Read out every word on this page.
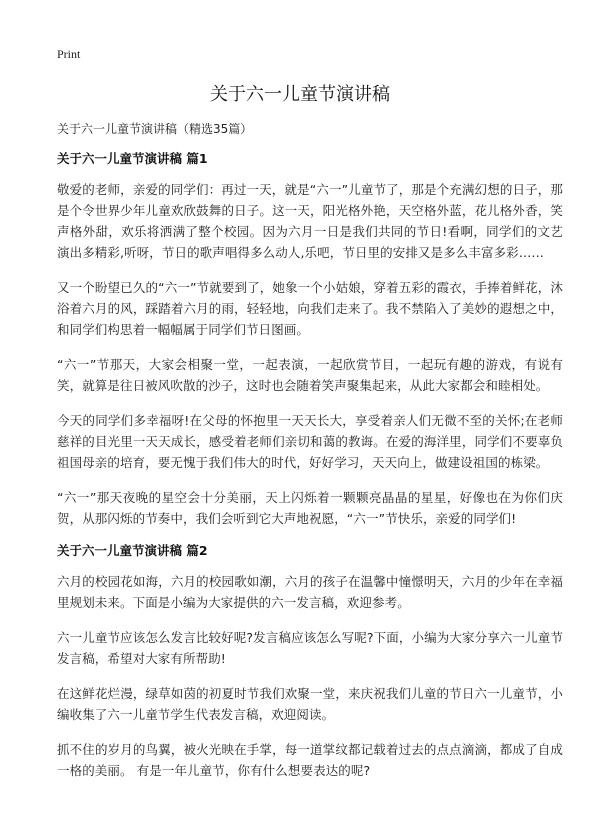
Print
关于六一儿童节演讲稿

关于六一儿童节演讲稿（精选35篇）

关于六一儿童节演讲稿 篇1

敬爱的老师，亲爱的同学们：再过一天，就是“六一”儿童节了，那是个充满幻想的日子，那是个令世界少年儿童欢欣鼓舞的日子。这一天，阳光格外艳，天空格外蓝，花儿格外香，笑声格外甜，欢乐将洒满了整个校园。因为六月一日是我们共同的节日!看啊，同学们的文艺演出多精彩,听呀，节日的歌声唱得多么动人,乐吧，节日里的安排又是多么丰富多彩……

又一个盼望已久的“六一”节就要到了，她象一个小姑娘，穿着五彩的霞衣，手捧着鲜花，沐浴着六月的风，踩踏着六月的雨，轻轻地，向我们走来了。我不禁陷入了美妙的遐想之中，和同学们构思着一幅幅属于同学们节日图画。

“六一”节那天，大家会相聚一堂，一起表演，一起欣赏节目，一起玩有趣的游戏，有说有笑，就算是往日被风吹散的沙子，这时也会随着笑声聚集起来，从此大家都会和睦相处。

今天的同学们多幸福呀!在父母的怀抱里一天天长大，享受着亲人们无微不至的关怀;在老师慈祥的目光里一天天成长，感受着老师们亲切和蔼的教诲。在爱的海洋里，同学们不要辜负祖国母亲的培育，要无愧于我们伟大的时代，好好学习，天天向上，做建设祖国的栋梁。

“六一”那天夜晚的星空会十分美丽，天上闪烁着一颗颗亮晶晶的星星，好像也在为你们庆贺，从那闪烁的节奏中，我们会听到它大声地祝愿，“六一”节快乐，亲爱的同学们!

关于六一儿童节演讲稿 篇2

六月的校园花如海，六月的校园歌如潮，六月的孩子在温馨中憧憬明天，六月的少年在幸福里规划未来。下面是小编为大家提供的六一发言稿，欢迎参考。

六一儿童节应该怎么发言比较好呢?发言稿应该怎么写呢?下面，小编为大家分享六一儿童节发言稿，希望对大家有所帮助!

在这鲜花烂漫，绿草如茵的初夏时节我们欢聚一堂，来庆祝我们儿童的节日六一儿童节，小编收集了六一儿童节学生代表发言稿，欢迎阅读。

抓不住的岁月的鸟翼，被火光映在手掌，每一道掌纹都记载着过去的点点滴滴，都成了自成一格的美丽。 有是一年儿童节，你有什么想要表达的呢?
